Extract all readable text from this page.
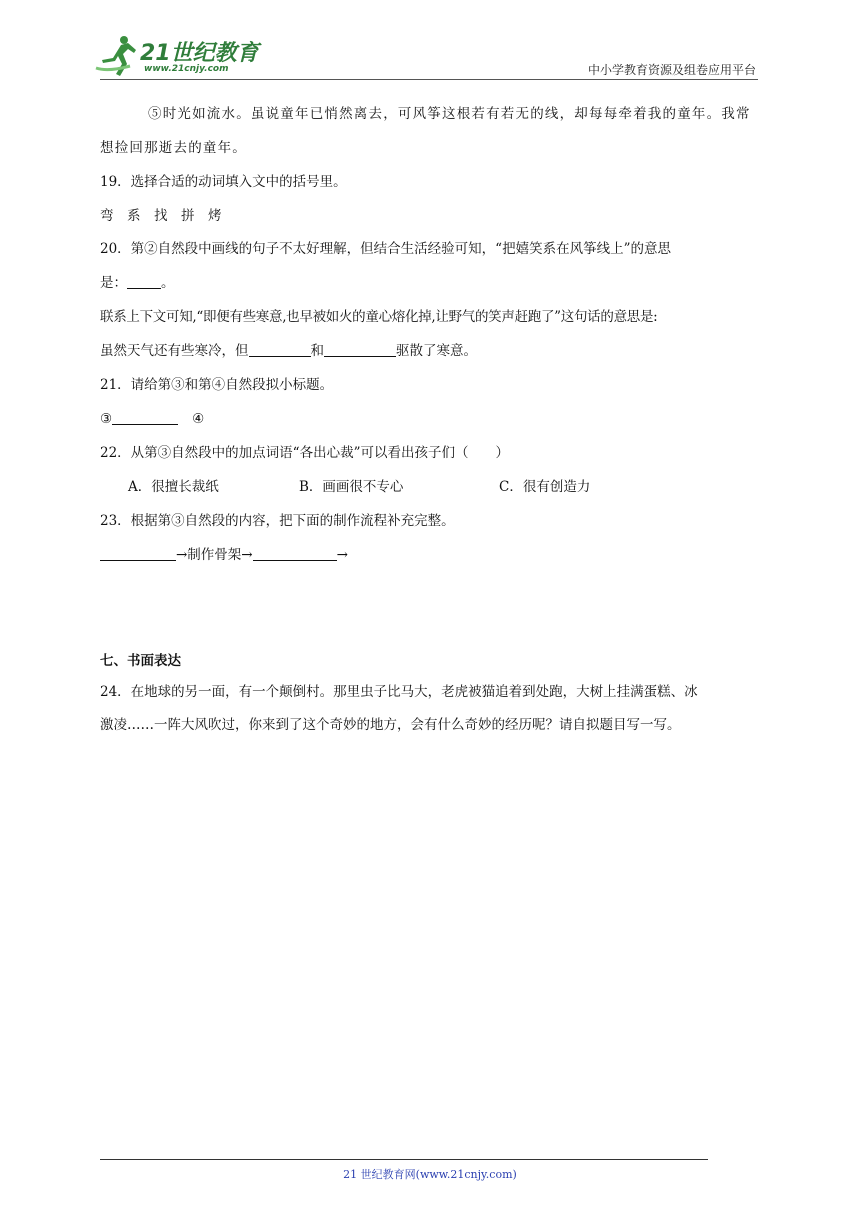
21世纪教育
www.21cnjy.com	中小学教育资源及组卷应用平台
⑤时光如流水。虽说童年已悄然离去，可风筝这根若有若无的线，却每每牵着我的童年。我常
想捡回那逝去的童年。
19．选择合适的动词填入文中的括号里。
弯　系　找　拼　烤
20．第②自然段中画线的句子不太好理解，但结合生活经验可知，“把嬉笑系在风筝线上”的意思
是：	。
联系上下文可知,“即便有些寒意,也早被如火的童心熔化掉,让野气的笑声赶跑了”这句话的意思是:
虽然天气还有些寒冷，但	和	驱散了寒意。
21．请给第③和第④自然段拟小标题。
③	④
22．从第③自然段中的加点词语“各出心裁”可以看出孩子们（　　）
A．很擅长裁纸	B．画画很不专心	C．很有创造力
23．根据第③自然段的内容，把下面的制作流程补充完整。
→制作骨架→	→
七、书面表达
24．在地球的另一面，有一个颠倒村。那里虫子比马大，老虎被猫追着到处跑，大树上挂满蛋糕、冰
激凌……一阵大风吹过，你来到了这个奇妙的地方，会有什么奇妙的经历呢？请自拟题目写一写。
21 世纪教育网(www.21cnjy.com)
